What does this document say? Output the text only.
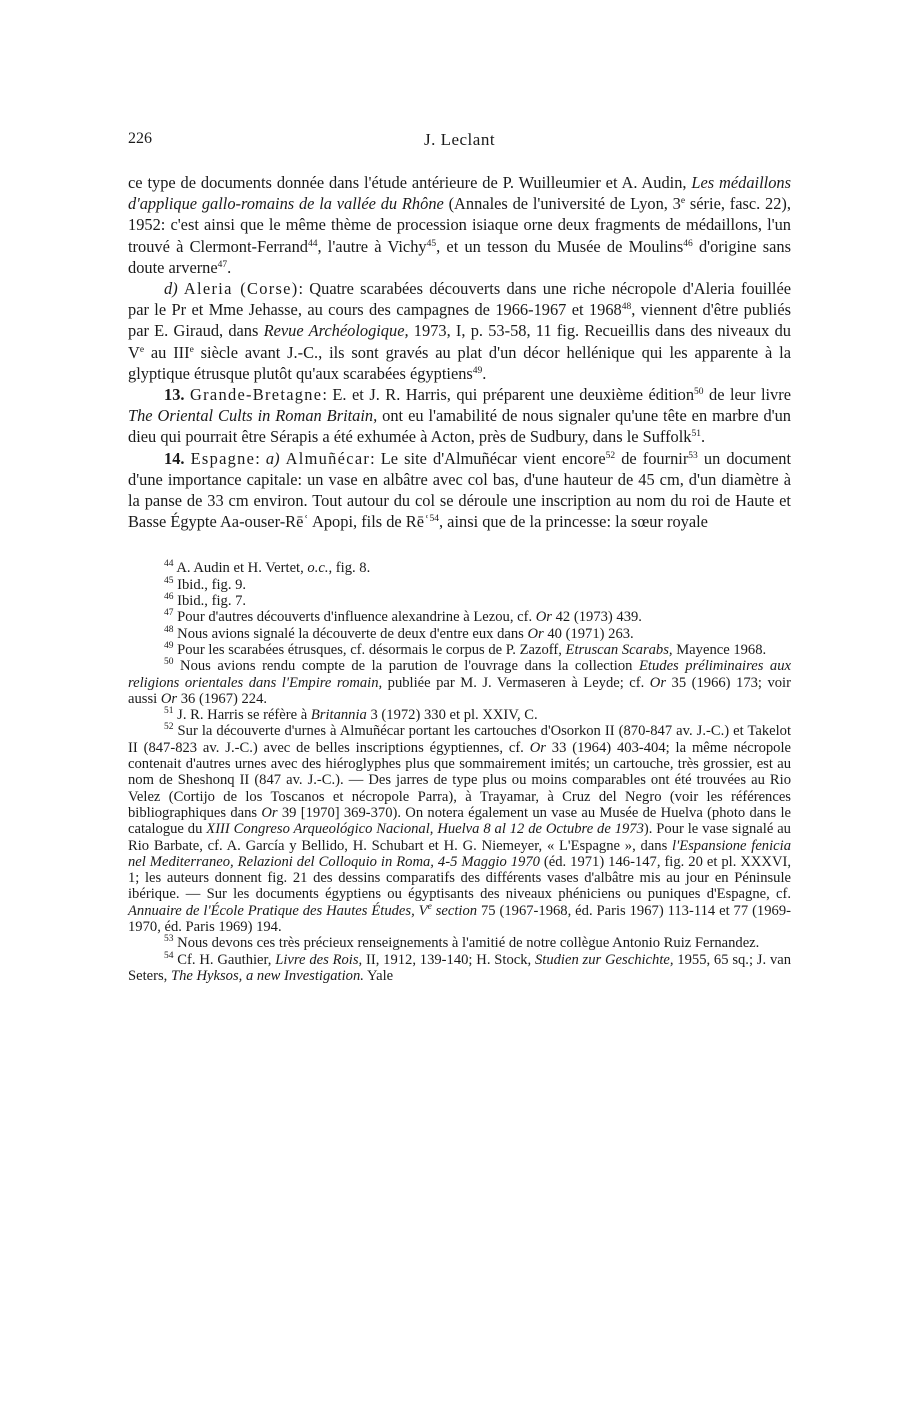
226	J. Leclant

ce type de documents donnée dans l'étude antérieure de P. Wuilleumier et A. Audin, Les médaillons d'applique gallo-romains de la vallée du Rhône (Annales de l'université de Lyon, 3e série, fasc. 22), 1952: c'est ainsi que le même thème de procession isiaque orne deux fragments de médaillons, l'un trouvé à Clermont-Ferrand$^{44}$, l'autre à Vichy$^{45}$, et un tesson du Musée de Moulins$^{46}$ d'origine sans doute arverne$^{47}$.

d) Aleria (Corse): Quatre scarabées découverts dans une riche nécropole d'Aleria fouillée par le Pr et Mme Jehasse, au cours des campagnes de 1966-1967 et 1968$^{48}$, viennent d'être publiés par E. Giraud, dans Revue Archéologique, 1973, I, p. 53-58, 11 fig. Recueillis dans des niveaux du Ve au IIIe siècle avant J.-C., ils sont gravés au plat d'un décor hellénique qui les apparente à la glyptique étrusque plutôt qu'aux scarabées égyptiens$^{49}$.

13. Grande-Bretagne: E. et J. R. Harris, qui préparent une deuxième édition$^{50}$ de leur livre The Oriental Cults in Roman Britain, ont eu l'amabilité de nous signaler qu'une tête en marbre d'un dieu qui pourrait être Sérapis a été exhumée à Acton, près de Sudbury, dans le Suffolk$^{51}$.

14. Espagne: a) Almuñécar: Le site d'Almuñécar vient encore$^{52}$ de fournir$^{53}$ un document d'une importance capitale: un vase en albâtre avec col bas, d'une hauteur de 45 cm, d'un diamètre à la panse de 33 cm environ. Tout autour du col se déroule une inscription au nom du roi de Haute et Basse Égypte Aa-ouser-Rēʿ Apopi, fils de Rēʿ$^{54}$, ainsi que de la princesse: la sœur royale

$^{44}$ A. Audin et H. Vertet, o.c., fig. 8.

$^{45}$ Ibid., fig. 9.

$^{46}$ Ibid., fig. 7.

$^{47}$ Pour d'autres découverts d'influence alexandrine à Lezou, cf. Or 42 (1973) 439.

$^{48}$ Nous avions signalé la découverte de deux d'entre eux dans Or 40 (1971) 263.

$^{49}$ Pour les scarabées étrusques, cf. désormais le corpus de P. Zazoff, Etruscan Scarabs, Mayence 1968.

$^{50}$ Nous avions rendu compte de la parution de l'ouvrage dans la collection Etudes préliminaires aux religions orientales dans l'Empire romain, publiée par M. J. Vermaseren à Leyde; cf. Or 35 (1966) 173; voir aussi Or 36 (1967) 224.

$^{51}$ J. R. Harris se réfère à Britannia 3 (1972) 330 et pl. XXIV, C.

$^{52}$ Sur la découverte d'urnes à Almuñécar portant les cartouches d'Osorkon II (870-847 av. J.-C.) et Takelot II (847-823 av. J.-C.) avec de belles inscriptions égyptiennes, cf. Or 33 (1964) 403-404; la même nécropole contenait d'autres urnes avec des hiéroglyphes plus que sommairement imités; un cartouche, très grossier, est au nom de Sheshonq II (847 av. J.-C.). — Des jarres de type plus ou moins comparables ont été trouvées au Rio Velez (Cortijo de los Toscanos et nécropole Parra), à Trayamar, à Cruz del Negro (voir les références bibliographiques dans Or 39 [1970] 369-370). On notera également un vase au Musée de Huelva (photo dans le catalogue du XIII Congreso Arqueológico Nacional, Huelva 8 al 12 de Octubre de 1973). Pour le vase signalé au Rio Barbate, cf. A. García y Bellido, H. Schubart et H. G. Niemeyer, « L'Espagne », dans l'Espansione fenicia nel Mediterraneo, Relazioni del Colloquio in Roma, 4-5 Maggio 1970 (éd. 1971) 146-147, fig. 20 et pl. XXXVI, 1; les auteurs donnent fig. 21 des dessins comparatifs des différents vases d'albâtre mis au jour en Péninsule ibérique. — Sur les documents égyptiens ou égyptisants des niveaux phéniciens ou puniques d'Espagne, cf. Annuaire de l'École Pratique des Hautes Études, Ve section 75 (1967-1968, éd. Paris 1967) 113-114 et 77 (1969-1970, éd. Paris 1969) 194.

$^{53}$ Nous devons ces très précieux renseignements à l'amitié de notre collègue Antonio Ruiz Fernandez.

$^{54}$ Cf. H. Gauthier, Livre des Rois, II, 1912, 139-140; H. Stock, Studien zur Geschichte, 1955, 65 sq.; J. van Seters, The Hyksos, a new Investigation. Yale
